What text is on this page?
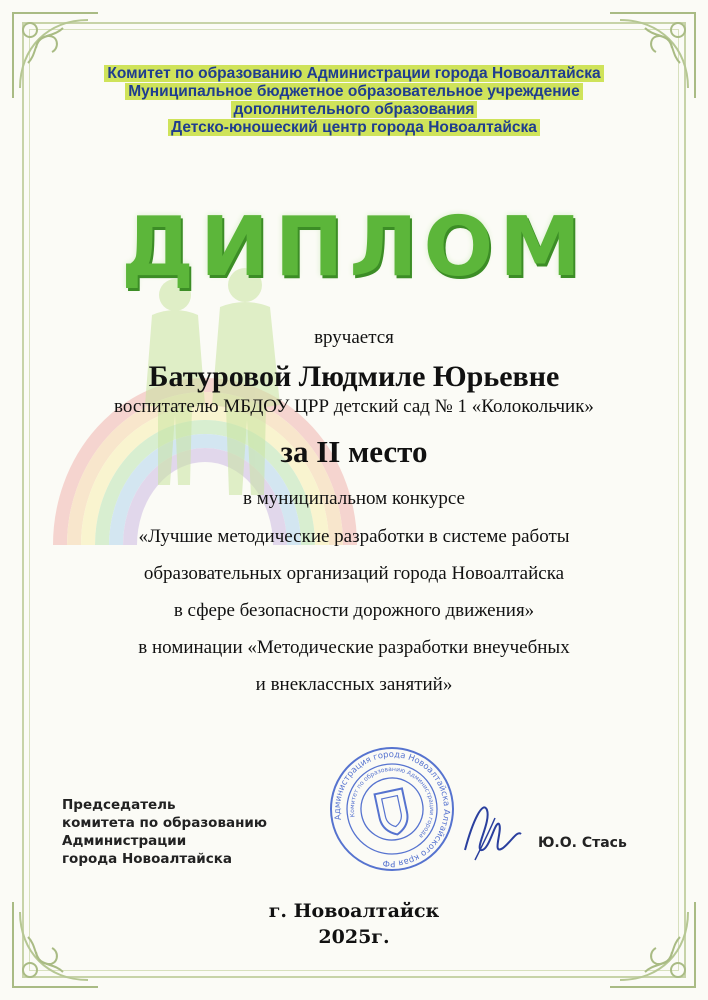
Комитет по образованию Администрации города Новоалтайска
Муниципальное бюджетное образовательное учреждение
дополнительного образования
Детско-юношеский центр города Новоалтайска
ДИПЛОМ
вручается
Батуровой Людмиле Юрьевне
воспитателю МБДОУ ЦРР детский сад № 1 «Колокольчик»
за II место
в муниципальном конкурсе
«Лучшие методические разработки в системе работы
образовательных организаций города Новоалтайска
в сфере безопасности дорожного движения»
в номинации «Методические разработки внеучебных
и внеклассных занятий»
Председатель
комитета по образованию
Администрации
города Новоалтайска
Администрация города Новоалтайска Алтайского края РФ
Комитет по образованию Администрации города	Ю.О. Стась
г. Новоалтайск
2025г.
